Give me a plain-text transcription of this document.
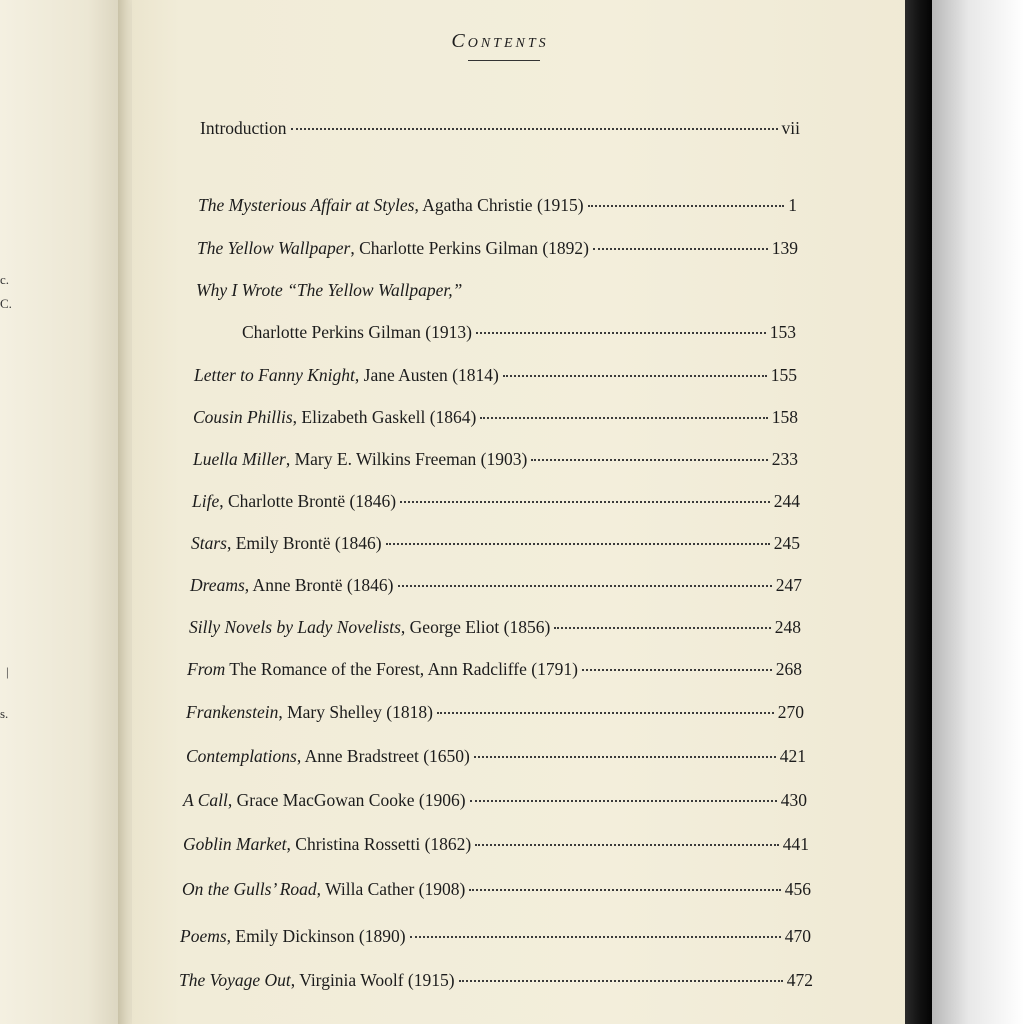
c.
C.
|
s.
Contents
Introduction	vii
The Mysterious Affair at Styles, Agatha Christie (1915)	1
The Yellow Wallpaper, Charlotte Perkins Gilman (1892)	139
Why I Wrote “The Yellow Wallpaper,”
Charlotte Perkins Gilman (1913)	153
Letter to Fanny Knight, Jane Austen (1814)	155
Cousin Phillis, Elizabeth Gaskell (1864)	158
Luella Miller, Mary E. Wilkins Freeman (1903)	233
Life, Charlotte Brontë (1846)	244
Stars, Emily Brontë (1846)	245
Dreams, Anne Brontë (1846)	247
Silly Novels by Lady Novelists, George Eliot (1856)	248
From The Romance of the Forest, Ann Radcliffe (1791)	268
Frankenstein, Mary Shelley (1818)	270
Contemplations, Anne Bradstreet (1650)	421
A Call, Grace MacGowan Cooke (1906)	430
Goblin Market, Christina Rossetti (1862)	441
On the Gulls’ Road, Willa Cather (1908)	456
Poems, Emily Dickinson (1890)	470
The Voyage Out, Virginia Woolf (1915)	472
